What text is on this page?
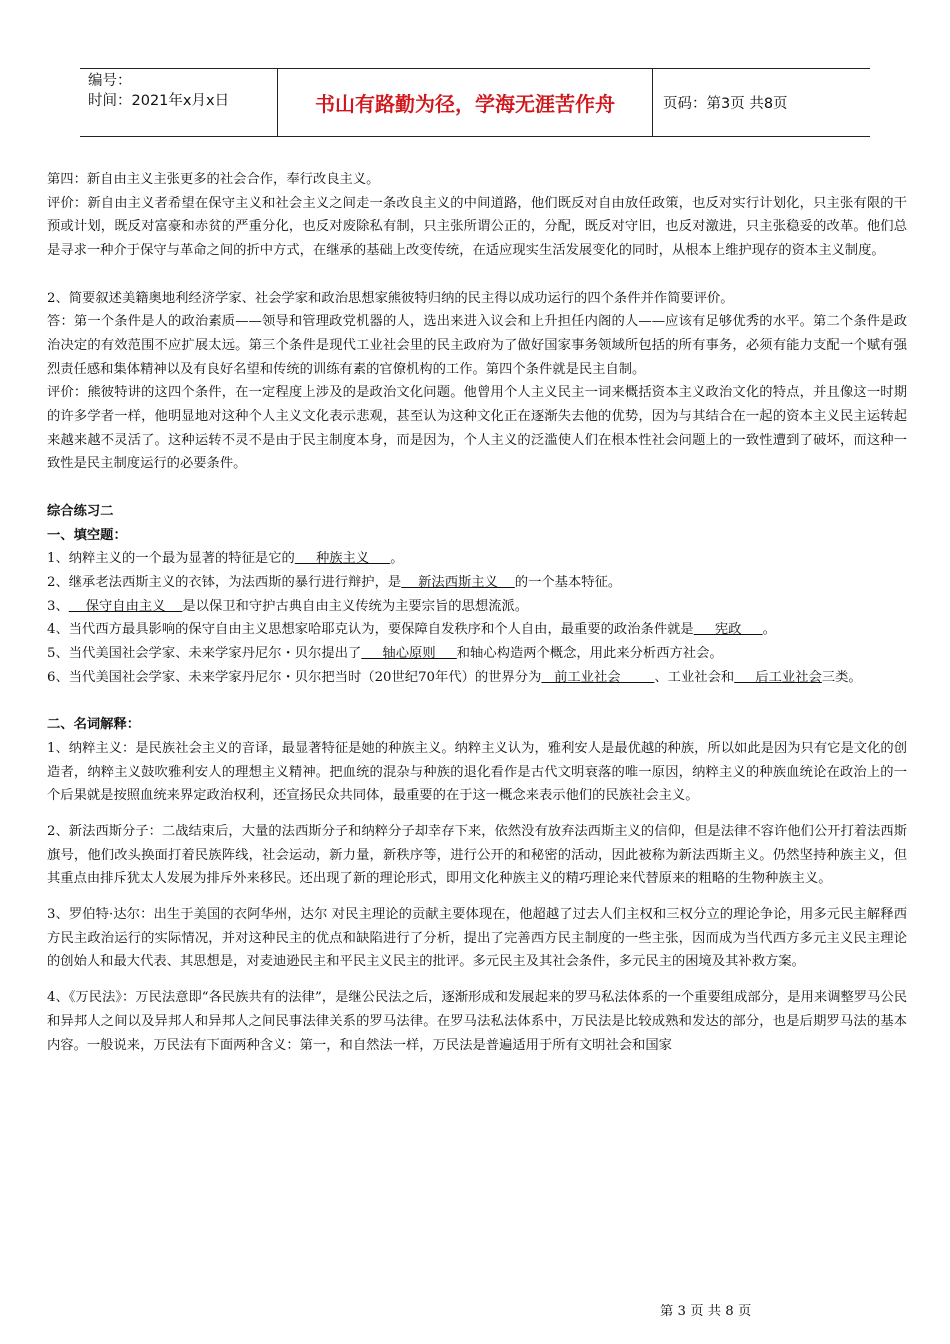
编号：
时间：2021年x月x日	书山有路勤为径，学海无涯苦作舟	页码：第3页 共8页

第四：新自由主义主张更多的社会合作，奉行改良主义。

评价：新自由主义者希望在保守主义和社会主义之间走一条改良主义的中间道路，他们既反对自由放任政策，也反对实行计划化，只主张有限的干预或计划，既反对富豪和赤贫的严重分化，也反对废除私有制，只主张所谓公正的，分配，既反对守旧，也反对激进，只主张稳妥的改革。他们总是寻求一种介于保守与革命之间的折中方式，在继承的基础上改变传统，在适应现实生活发展变化的同时，从根本上维护现存的资本主义制度。

2、简要叙述美籍奥地利经济学家、社会学家和政治思想家熊彼特归纳的民主得以成功运行的四个条件并作简要评价。

答：第一个条件是人的政治素质——领导和管理政党机器的人，选出来进入议会和上升担任内阁的人——应该有足够优秀的水平。第二个条件是政治决定的有效范围不应扩展太远。第三个条件是现代工业社会里的民主政府为了做好国家事务领域所包括的所有事务，必须有能力支配一个赋有强烈责任感和集体精神以及有良好名望和传统的训练有素的官僚机构的工作。第四个条件就是民主自制。

评价：熊彼特讲的这四个条件，在一定程度上涉及的是政治文化问题。他曾用个人主义民主一词来概括资本主义政治文化的特点，并且像这一时期的许多学者一样，他明显地对这种个人主义文化表示悲观，甚至认为这种文化正在逐渐失去他的优势，因为与其结合在一起的资本主义民主运转起来越来越不灵活了。这种运转不灵不是由于民主制度本身，而是因为，个人主义的泛滥使人们在根本性社会问题上的一致性遭到了破坏，而这种一致性是民主制度运行的必要条件。

综合练习二

一、填空题：

1、纳粹主义的一个最为显著的特征是它的     种族主义     。

2、继承老法西斯主义的衣钵，为法西斯的暴行进行辩护，是    新法西斯主义    的一个基本特征。

3、    保守自由主义    是以保卫和守护古典自由主义传统为主要宗旨的思想流派。

4、当代西方最具影响的保守自由主义思想家哈耶克认为，要保障自发秩序和个人自由，最重要的政治条件就是     宪政     。

5、当代美国社会学家、未来学家丹尼尔・贝尔提出了     轴心原则     和轴心构造两个概念，用此来分析西方社会。

6、当代美国社会学家、未来学家丹尼尔・贝尔把当时（20世纪70年代）的世界分为   前工业社会        、工业社会和     后工业社会三类。

二、名词解释：

1、纳粹主义：是民族社会主义的音译，最显著特征是她的种族主义。纳粹主义认为，雅利安人是最优越的种族，所以如此是因为只有它是文化的创造者，纳粹主义鼓吹雅利安人的理想主义精神。把血统的混杂与种族的退化看作是古代文明衰落的唯一原因，纳粹主义的种族血统论在政治上的一个后果就是按照血统来界定政治权利，还宣扬民众共同体，最重要的在于这一概念来表示他们的民族社会主义。

2、新法西斯分子：二战结束后，大量的法西斯分子和纳粹分子却幸存下来，依然没有放弃法西斯主义的信仰，但是法律不容许他们公开打着法西斯旗号，他们改头换面打着民族阵线，社会运动，新力量，新秩序等，进行公开的和秘密的活动，因此被称为新法西斯主义。仍然坚持种族主义，但其重点由排斥犹太人发展为排斥外来移民。还出现了新的理论形式，即用文化种族主义的精巧理论来代替原来的粗略的生物种族主义。

3、罗伯特·达尔：出生于美国的衣阿华州，达尔 对民主理论的贡献主要体现在，他超越了过去人们主权和三权分立的理论争论，用多元民主解释西方民主政治运行的实际情况，并对这种民主的优点和缺陷进行了分析，提出了完善西方民主制度的一些主张，因而成为当代西方多元主义民主理论的创始人和最大代表、其思想是，对麦迪逊民主和平民主义民主的批评。多元民主及其社会条件，多元民主的困境及其补救方案。

4、《万民法》：万民法意即“各民族共有的法律”，是继公民法之后，逐渐形成和发展起来的罗马私法体系的一个重要组成部分，是用来调整罗马公民和异邦人之间以及异邦人和异邦人之间民事法律关系的罗马法律。在罗马法私法体系中，万民法是比较成熟和发达的部分，也是后期罗马法的基本内容。一般说来，万民法有下面两种含义：第一，和自然法一样，万民法是普遍适用于所有文明社会和国家

第 3 页 共 8 页
